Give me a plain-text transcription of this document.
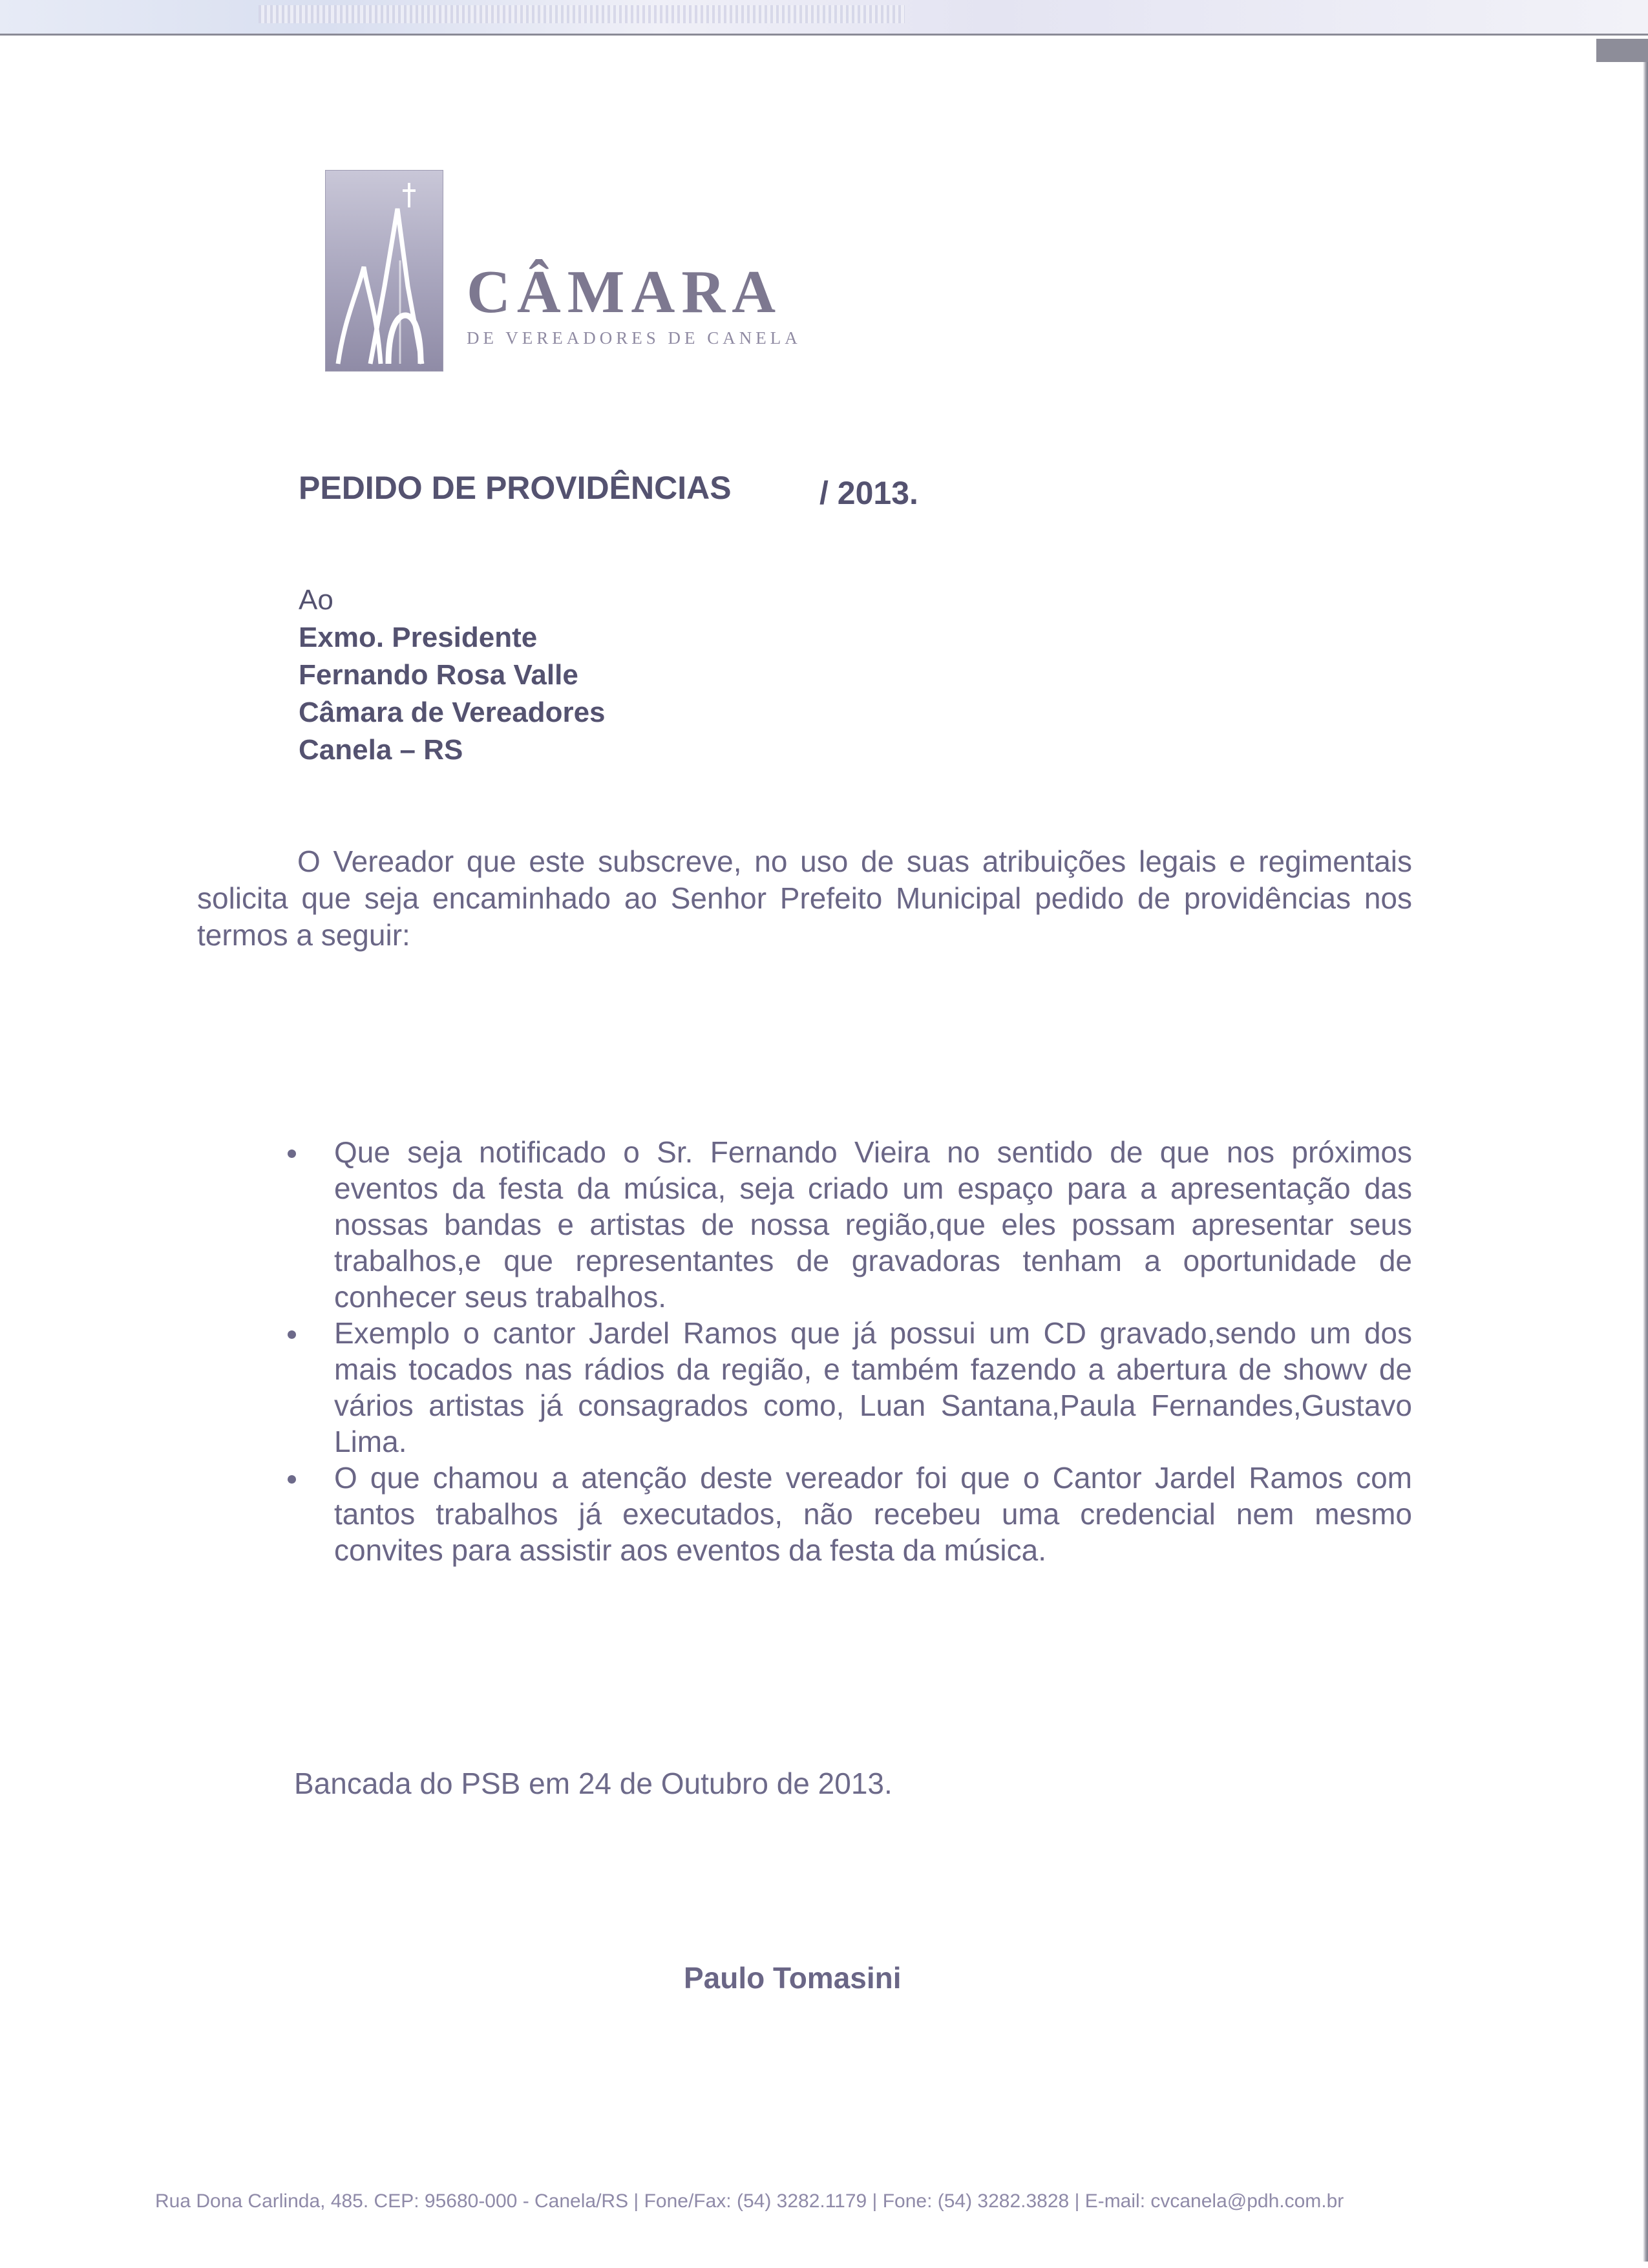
CÂMARA
DE VEREADORES DE CANELA
PEDIDO DE PROVIDÊNCIAS	/ 2013.
Ao
Exmo. Presidente
Fernando Rosa Valle
Câmara de Vereadores
Canela – RS

O Vereador que este subscreve, no uso de suas atribuições legais e regimentais solicita que seja encaminhado ao Senhor Prefeito Municipal pedido de providências nos termos a seguir:

Que seja notificado o Sr. Fernando Vieira no sentido de que nos próximos eventos da festa da música, seja criado um espaço para a apresentação das nossas bandas e artistas de nossa região,que eles possam apresentar seus trabalhos,e que representantes de gravadoras tenham a oportunidade de conhecer seus trabalhos.
Exemplo o cantor Jardel Ramos que já possui um CD gravado,sendo um dos mais tocados nas rádios da região, e também fazendo a abertura de showv de vários artistas já consagrados como, Luan Santana,Paula Fernandes,Gustavo Lima.
O que chamou a atenção deste vereador foi que o Cantor Jardel Ramos com tantos trabalhos já executados, não recebeu uma credencial nem mesmo convites para assistir aos eventos da festa da música.
Bancada do PSB em 24 de Outubro de 2013.
Paulo Tomasini
Rua Dona Carlinda, 485. CEP: 95680-000 - Canela/RS | Fone/Fax: (54) 3282.1179 | Fone: (54) 3282.3828 | E-mail: cvcanela@pdh.com.br
